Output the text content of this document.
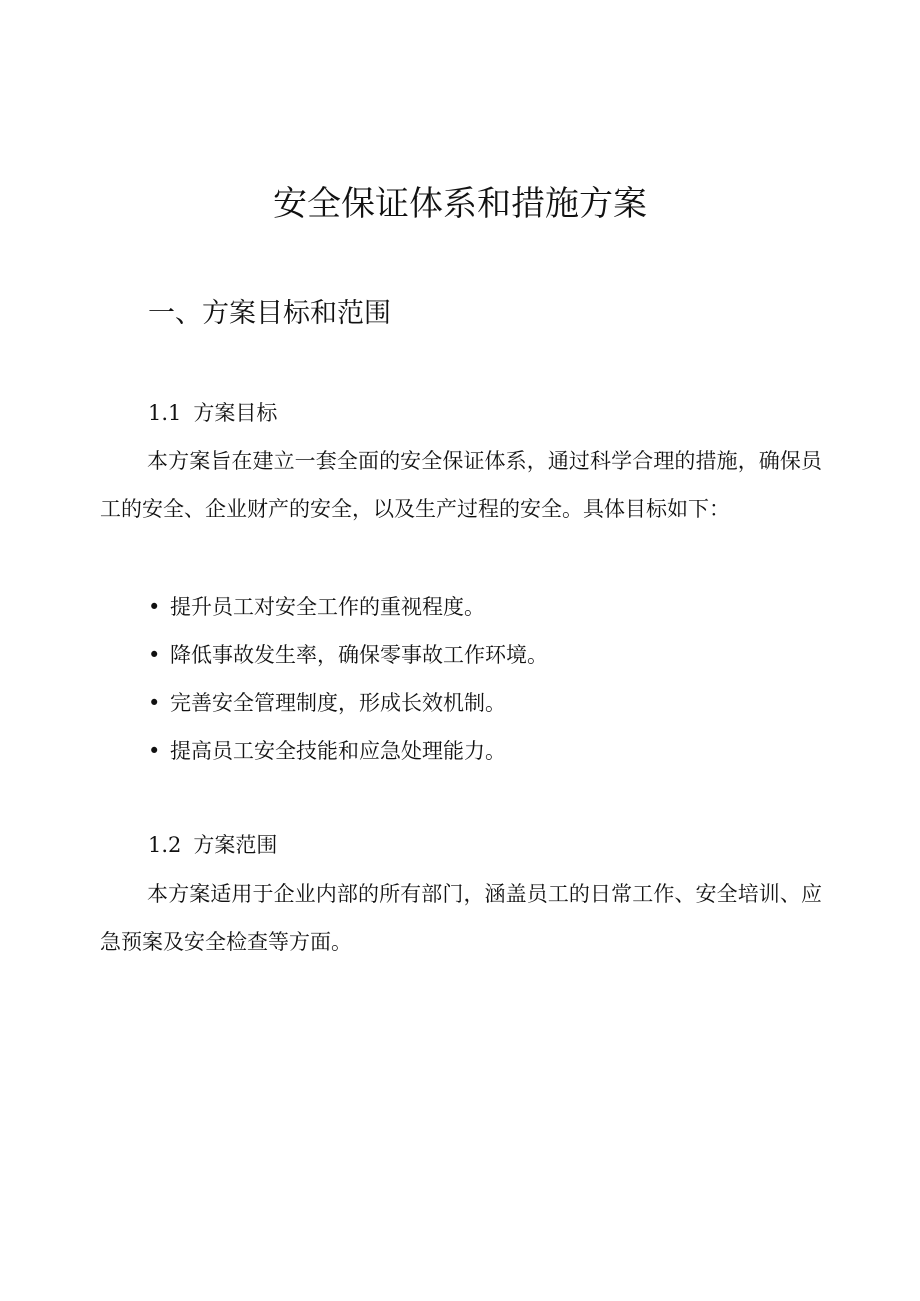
安全保证体系和措施方案
一、方案目标和范围
1.1 方案目标

本方案旨在建立一套全面的安全保证体系，通过科学合理的措施，确保员工的安全、企业财产的安全，以及生产过程的安全。具体目标如下：

• 提升员工对安全工作的重视程度。
• 降低事故发生率，确保零事故工作环境。
• 完善安全管理制度，形成长效机制。
• 提高员工安全技能和应急处理能力。
1.2 方案范围

本方案适用于企业内部的所有部门，涵盖员工的日常工作、安全培训、应急预案及安全检查等方面。
